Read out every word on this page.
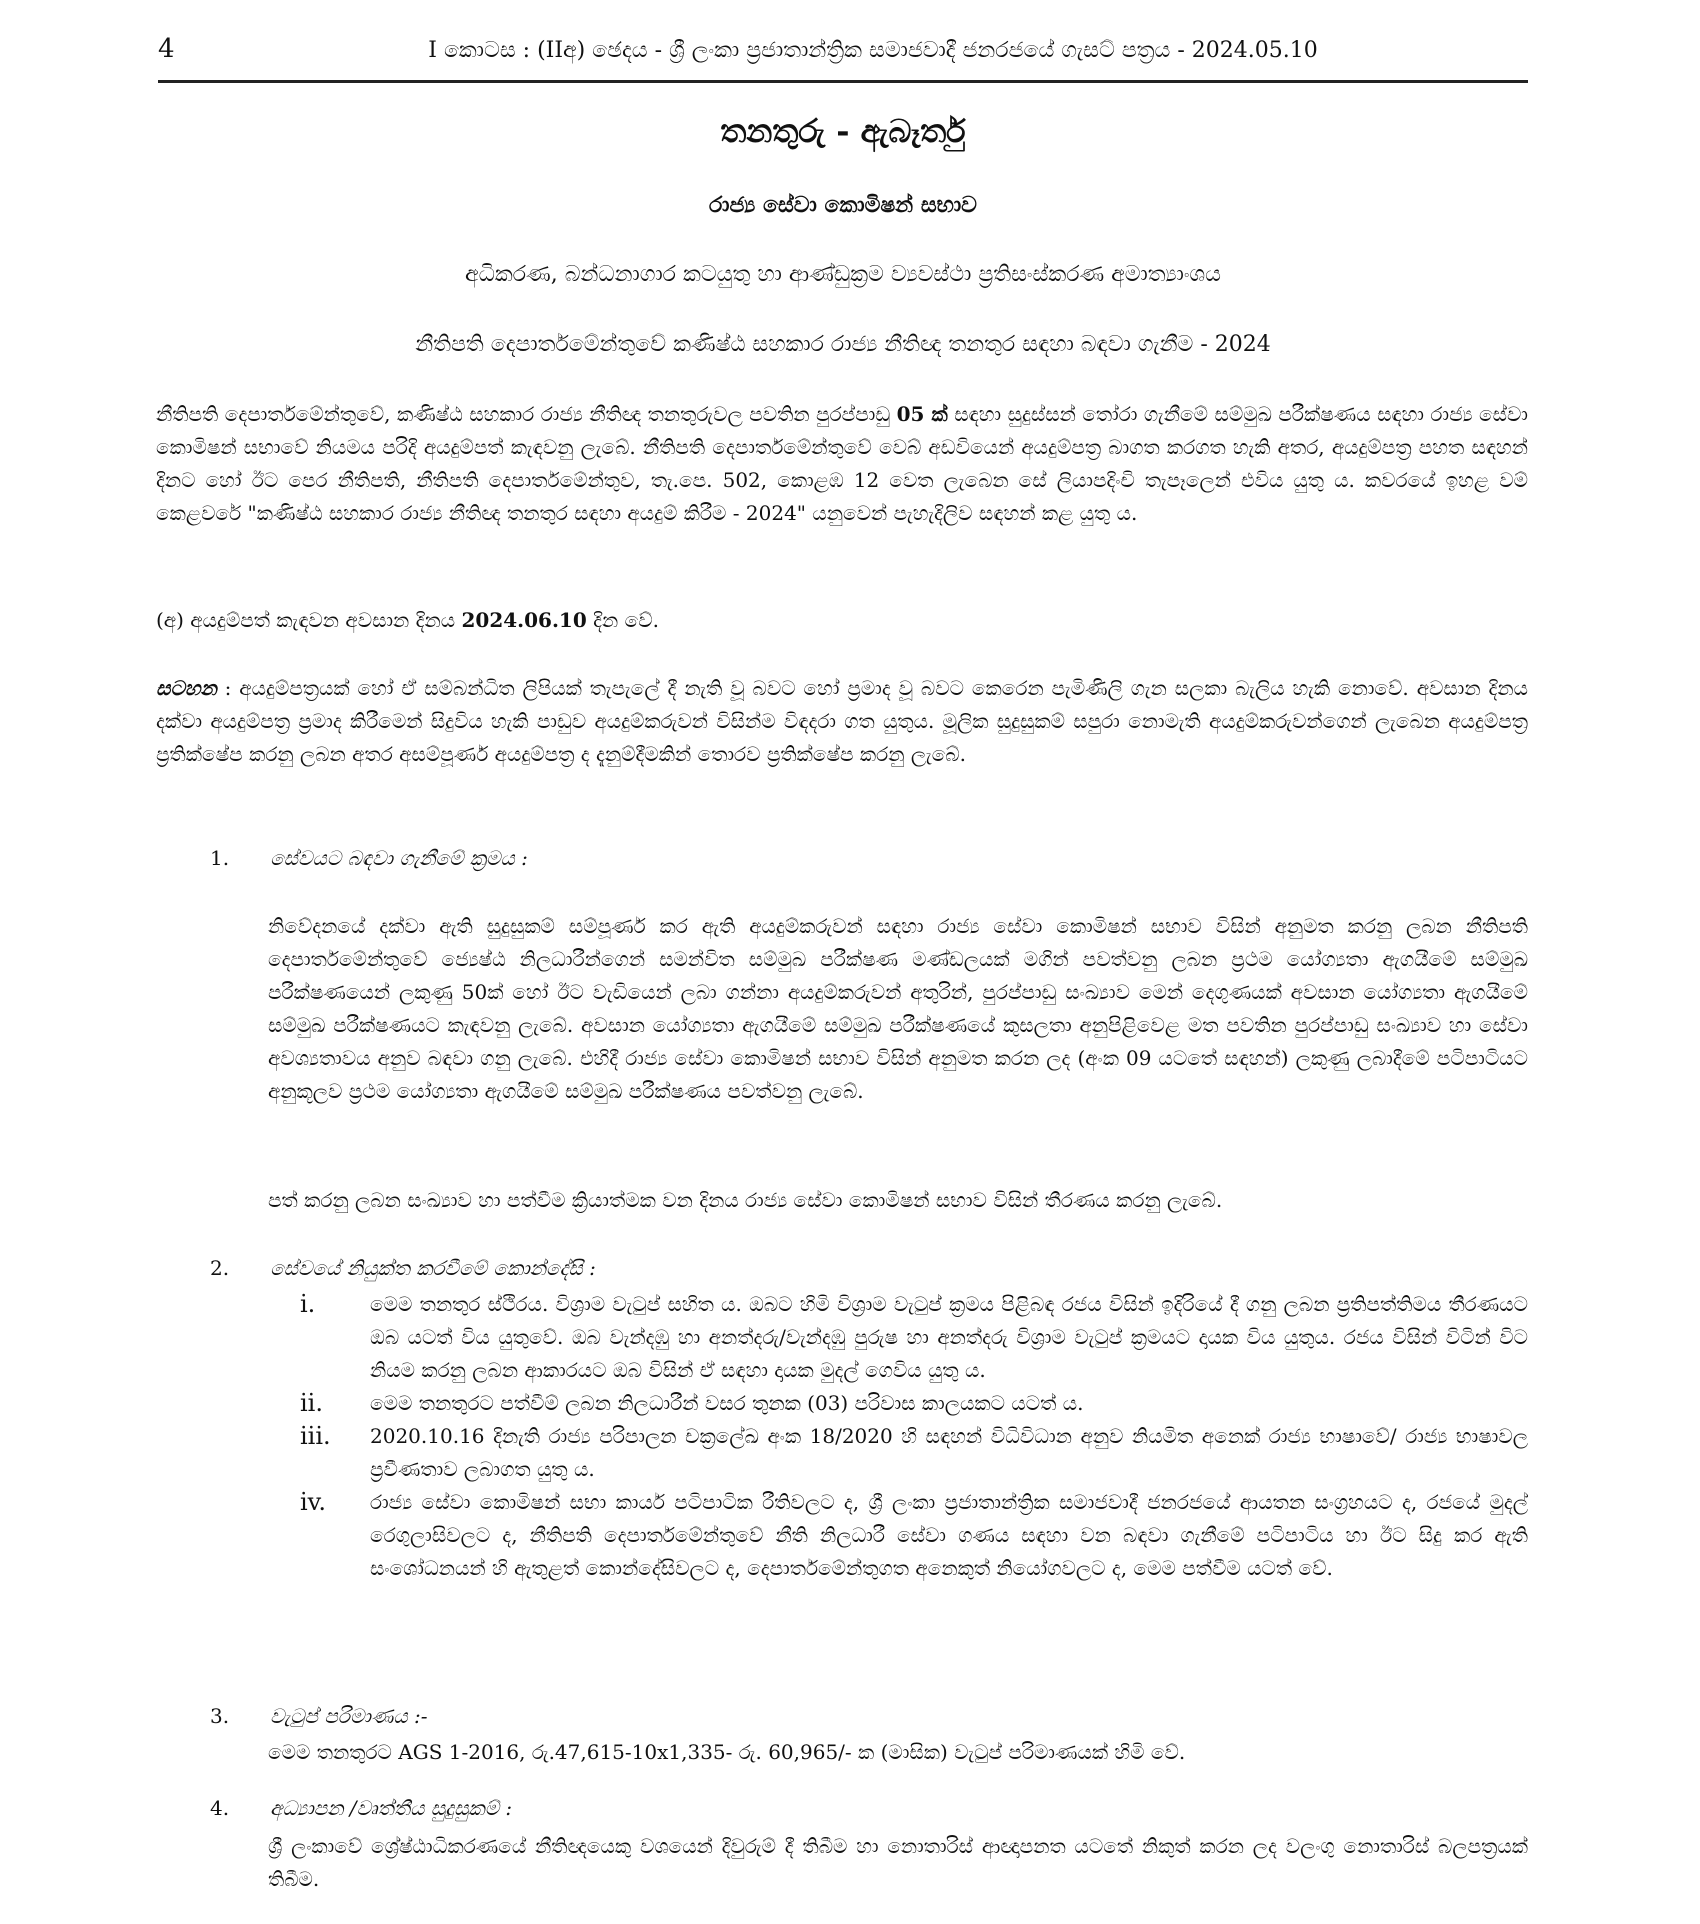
4	I කොටස : (IIඅ) ඡෙදය - ශ්‍රී ලංකා ප්‍රජාතාන්ත්‍රික සමාජවාදී ජනරජයේ ගැසට් පත්‍රය - 2024.05.10
තනතුරු - ඇබෑර්තු
රාජ්‍ය සේවා කොමිෂන් සභාව
අධිකරණ, බන්ධනාගාර කටයුතු හා ආණ්ඩුක්‍රම ව්‍යවස්ථා ප්‍රතිසංස්කරණ අමාත්‍යාංශය
නීතිපති දෙපාර්තමේන්තුවේ කණිෂ්ඨ සහකාර රාජ්‍ය නීතිඥ තනතුර සඳහා බඳවා ගැනීම - 2024

නීතිපති දෙපාර්තමේන්තුවේ, කණිෂ්ඨ සහකාර රාජ්‍ය නීතිඥ තනතුරුවල පවතින පුරප්පාඩු 05 ක් සඳහා සුදුස්සන් තෝරා ගැනීමේ සම්මුඛ පරීක්ෂණය සඳහා රාජ්‍ය සේවා කොමිෂන් සභාවේ නියමය පරිදි අයදුම්පත් කැඳවනු ලැබේ. නීතිපති දෙපාර්තමේන්තුවේ වෙබ් අඩවියෙන් අයදුම්පත්‍ර බාගත කරගත හැකි අතර, අයදුම්පත්‍ර පහත සඳහන් දිනට හෝ ඊට පෙර නීතිපති, නීතිපති දෙපාර්තමේන්තුව, තැ.පෙ. 502, කොළඹ 12 වෙත ලැබෙන සේ ලියාපදිංචි තැපෑලෙන් එවිය යුතු ය. කවරයේ ඉහළ වම් කෙළවරේ "කණිෂ්ඨ සහකාර රාජ්‍ය නීතිඥ තනතුර සඳහා අයදුම් කිරීම - 2024" යනුවෙන් පැහැදිලිව සඳහන් කළ යුතු ය.

(අ) අයදුම්පත් කැඳවන අවසාන දිනය 2024.06.10 දින වේ.

සටහන : අයදුම්පත්‍රයක් හෝ ඒ සම්බන්ධිත ලිපියක් තැපැලේ දී නැති වූ බවට හෝ ප්‍රමාද වූ බවට කෙරෙන පැමිණිලි ගැන සලකා බැලිය හැකි නොවේ. අවසාන දිනය දක්වා අයදුම්පත්‍ර ප්‍රමාද කිරීමෙන් සිදුවිය හැකි පාඩුව අයදුම්කරුවන් විසින්ම විඳදරා ගත යුතුය. මූලික සුදුසුකම් සපුරා නොමැති අයදුම්කරුවන්ගෙන් ලැබෙන අයදුම්පත්‍ර ප්‍රතික්ෂේප කරනු ලබන අතර අසම්පූර්ණ අයදුම්පත්‍ර ද දැනුම්දීමකින් තොරව ප්‍රතික්ෂේප කරනු ලැබේ.

1. සේවයට බඳවා ගැනීමේ ක්‍රමය :

නිවේදනයේ දක්වා ඇති සුදුසුකම් සම්පූර්ණ කර ඇති අයදුම්කරුවන් සඳහා රාජ්‍ය සේවා කොමිෂන් සභාව විසින් අනුමත කරනු ලබන නීතිපති දෙපාර්තමේන්තුවේ ජ්‍යෙෂ්ඨ නිලධාරීන්ගෙන් සමන්විත සම්මුඛ පරීක්ෂණ මණ්ඩලයක් මගින් පවත්වනු ලබන ප්‍රථම යෝග්‍යතා ඇගයීමේ සම්මුඛ පරීක්ෂණයෙන් ලකුණු 50ක් හෝ ඊට වැඩියෙන් ලබා ගන්නා අයදුම්කරුවන් අතුරින්, පුරප්පාඩු සංඛ්‍යාව මෙන් දෙගුණයක් අවසාන යෝග්‍යතා ඇගයීමේ සම්මුඛ පරීක්ෂණයට කැඳවනු ලැබේ. අවසාන යෝග්‍යතා ඇගයීමේ සම්මුඛ පරීක්ෂණයේ කුසලතා අනුපිළිවෙළ මත පවතින පුරප්පාඩු සංඛ්‍යාව හා සේවා අවශ්‍යතාවය අනුව බඳවා ගනු ලැබේ. එහිදී රාජ්‍ය සේවා කොමිෂන් සභාව විසින් අනුමත කරන ලද (අංක 09 යටතේ සඳහන්) ලකුණු ලබාදීමේ පටිපාටියට අනුකූලව ප්‍රථම යෝග්‍යතා ඇගයීමේ සම්මුඛ පරීක්ෂණය පවත්වනු ලැබේ.

පත් කරනු ලබන සංඛ්‍යාව හා පත්වීම ක්‍රියාත්මක වන දිනය රාජ්‍ය සේවා කොමිෂන් සභාව විසින් තීරණය කරනු ලැබේ.

2. සේවයේ නියුක්ත කරවීමේ කොන්දේසි :
i.	මෙම තනතුර ස්ථිරය. විශ්‍රාම වැටුප් සහිත ය. ඔබට හිමි විශ්‍රාම වැටුප් ක්‍රමය පිළිබඳ රජය විසින් ඉදිරියේ දී ගනු ලබන ප්‍රතිපත්තිමය තීරණයට ඔබ යටත් විය යුතුවේ. ඔබ වැන්දඹු හා අනත්දරු/වැන්දඹු පුරුෂ හා අනත්දරු විශ්‍රාම වැටුප් ක්‍රමයට දායක විය යුතුය. රජය විසින් විටින් විට නියම කරනු ලබන ආකාරයට ඔබ විසින් ඒ සඳහා දායක මුදල් ගෙවිය යුතු ය.
ii. මෙම තනතුරට පත්වීම් ලබන නිලධාරීන් වසර තුනක (03) පරිවාස කාලයකට යටත් ය.
iii. 2020.10.16 දිනැති රාජ්‍ය පරිපාලන චක්‍රලේඛ අංක 18/2020 හි සඳහන් විධිවිධාන අනුව නියමිත අනෙක් රාජ්‍ය භාෂාවේ/ රාජ්‍ය භාෂාවල ප්‍රවීණතාව ලබාගත යුතු ය.
iv. රාජ්‍ය සේවා කොමිෂන් සභා කාර්ය පටිපාටික රීතිවලට ද, ශ්‍රී ලංකා ප්‍රජාතාන්ත්‍රික සමාජවාදී ජනරජයේ ආයතන සංග්‍රහයට ද, රජයේ මුදල් රෙගුලාසිවලට ද, නීතිපති දෙපාර්තමේන්තුවේ නීති නිලධාරී සේවා ගණය සඳහා වන බඳවා ගැනීමේ පටිපාටිය හා ඊට සිදු කර ඇති සංශෝධනයන් හි ඇතුළත් කොන්දේසිවලට ද, දෙපාර්තමේන්තුගත අනෙකුත් නියෝගවලට ද, මෙම පත්වීම යටත් වේ.
3. වැටුප් පරිමාණය :-

මෙම තනතුරට AGS 1-2016, රු.47,615-10x1,335- රු. 60,965/- ක (මාසික) වැටුප් පරිමාණයක් හිමි වේ.

4. අධ්‍යාපන /වෘත්තීය සුදුසුකම් :

ශ්‍රී ලංකාවේ ශ්‍රේෂ්ඨාධිකරණයේ නීතිඥයෙකු වශයෙන් දිවුරුම් දී තිබීම හා නොතාරිස් ආඥාපනත යටතේ නිකුත් කරන ලද වලංගු නොතාරිස් බලපත්‍රයක් තිබීම.
